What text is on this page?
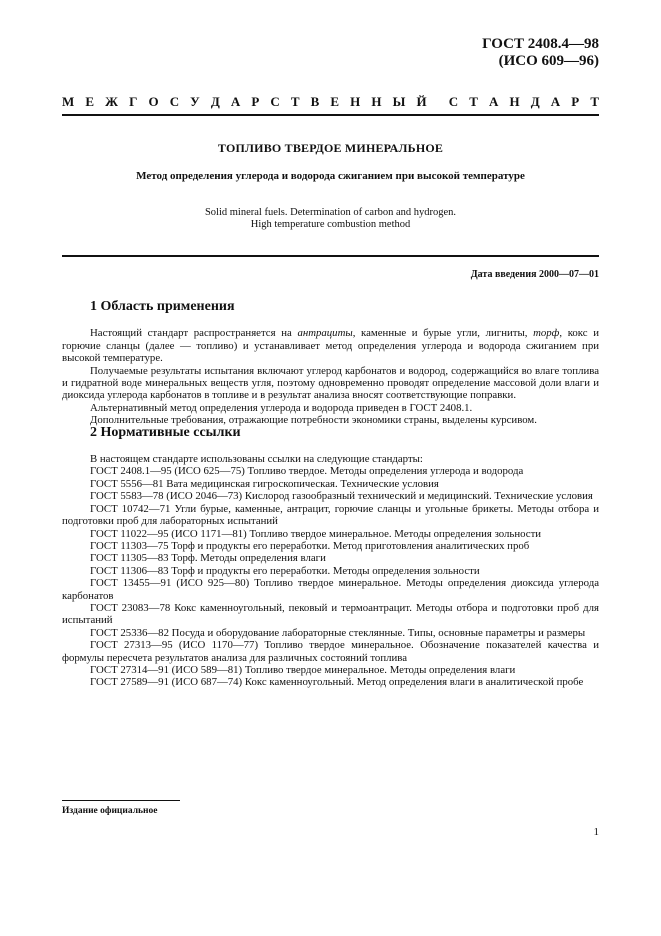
ГОСТ 2408.4—98
(ИСО 609—96)
М Е Ж Г О С У Д А Р С Т В Е Н Н Ы Й С Т А Н Д А Р Т
ТОПЛИВО ТВЕРДОЕ МИНЕРАЛЬНОЕ
Метод определения углерода и водорода сжиганием при высокой температуре
Solid mineral fuels. Determination of carbon and hydrogen.
High temperature combustion method
Дата введения 2000—07—01
1 Область применения

Настоящий стандарт распространяется на антрациты, каменные и бурые угли, лигниты, торф, кокс и горючие сланцы (далее — топливо) и устанавливает метод определения углерода и водорода сжиганием при высокой температуре.

Получаемые результаты испытания включают углерод карбонатов и водород, содержащийся во влаге топлива и гидратной воде минеральных веществ угля, поэтому одновременно проводят определение массовой доли влаги и диоксида углерода карбонатов в топливе и в результат анализа вносят соответствующие поправки.

Альтернативный метод определения углерода и водорода приведен в ГОСТ 2408.1.

Дополнительные требования, отражающие потребности экономики страны, выделены курсивом.

2 Нормативные ссылки

В настоящем стандарте использованы ссылки на следующие стандарты:

ГОСТ 2408.1—95 (ИСО 625—75) Топливо твердое. Методы определения углерода и водорода

ГОСТ 5556—81 Вата медицинская гигроскопическая. Технические условия

ГОСТ 5583—78 (ИСО 2046—73) Кислород газообразный технический и медицинский. Технические условия

ГОСТ 10742—71 Угли бурые, каменные, антрацит, горючие сланцы и угольные брикеты. Методы отбора и подготовки проб для лабораторных испытаний

ГОСТ 11022—95 (ИСО 1171—81) Топливо твердое минеральное. Методы определения зольности

ГОСТ 11303—75 Торф и продукты его переработки. Метод приготовления аналитических проб

ГОСТ 11305—83 Торф. Методы определения влаги

ГОСТ 11306—83 Торф и продукты его переработки. Методы определения зольности

ГОСТ 13455—91 (ИСО 925—80) Топливо твердое минеральное. Методы определения диоксида углерода карбонатов

ГОСТ 23083—78 Кокс каменноугольный, пековый и термоантрацит. Методы отбора и подготовки проб для испытаний

ГОСТ 25336—82 Посуда и оборудование лабораторные стеклянные. Типы, основные параметры и размеры

ГОСТ 27313—95 (ИСО 1170—77) Топливо твердое минеральное. Обозначение показателей качества и формулы пересчета результатов анализа для различных состояний топлива

ГОСТ 27314—91 (ИСО 589—81) Топливо твердое минеральное. Методы определения влаги

ГОСТ 27589—91 (ИСО 687—74) Кокс каменноугольный. Метод определения влаги в аналитической пробе

Издание официальное
1
